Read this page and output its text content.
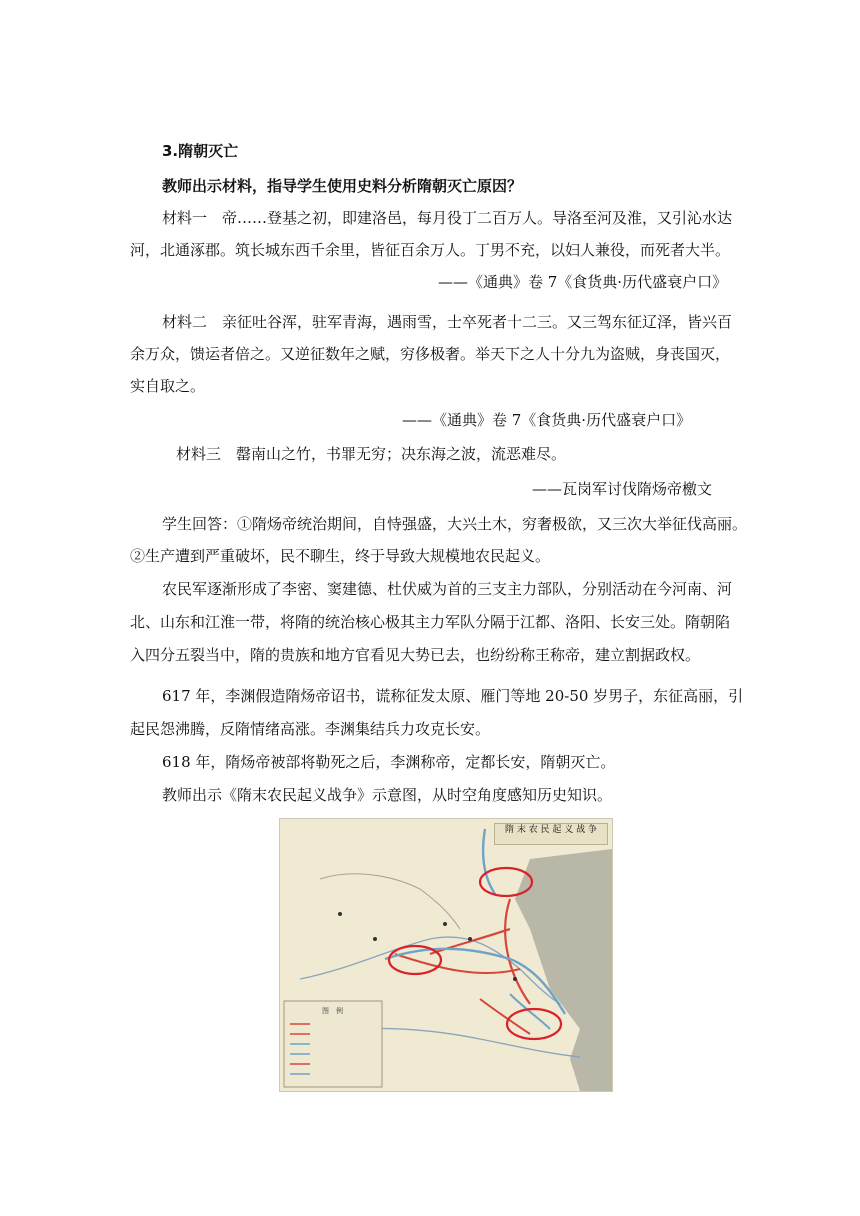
3.隋朝灭亡
教师出示材料，指导学生使用史料分析隋朝灭亡原因？
材料一　帝……登基之初，即建洛邑，每月役丁二百万人。导洛至河及淮，又引沁水达
河，北通涿郡。筑长城东西千余里，皆征百余万人。丁男不充，以妇人兼役，而死者大半。
——《通典》卷 7《食货典·历代盛衰户口》
材料二　亲征吐谷浑，驻军青海，遇雨雪，士卒死者十二三。又三驾东征辽泽，皆兴百
余万众，馈运者倍之。又逆征数年之赋，穷侈极奢。举天下之人十分九为盗贼，身丧国灭，
实自取之。
——《通典》卷 7《食货典·历代盛衰户口》
材料三　罄南山之竹，书罪无穷；决东海之波，流恶难尽。
——瓦岗军讨伐隋炀帝檄文
学生回答：①隋炀帝统治期间，自恃强盛，大兴土木，穷奢极欲，又三次大举征伐高丽。
②生产遭到严重破坏，民不聊生，终于导致大规模地农民起义。
农民军逐渐形成了李密、窦建德、杜伏威为首的三支主力部队，分别活动在今河南、河
北、山东和江淮一带，将隋的统治核心极其主力军队分隔于江都、洛阳、长安三处。隋朝陷
入四分五裂当中，隋的贵族和地方官看见大势已去，也纷纷称王称帝，建立割据政权。
617 年，李渊假造隋炀帝诏书，谎称征发太原、雁门等地 20-50 岁男子，东征高丽，引
起民怨沸腾，反隋情绪高涨。李渊集结兵力攻克长安。
618 年，隋炀帝被部将勒死之后，李渊称帝，定都长安，隋朝灭亡。
教师出示《隋末农民起义战争》示意图，从时空角度感知历史知识。
图　例
隋 末 农 民 起 义 战 争
